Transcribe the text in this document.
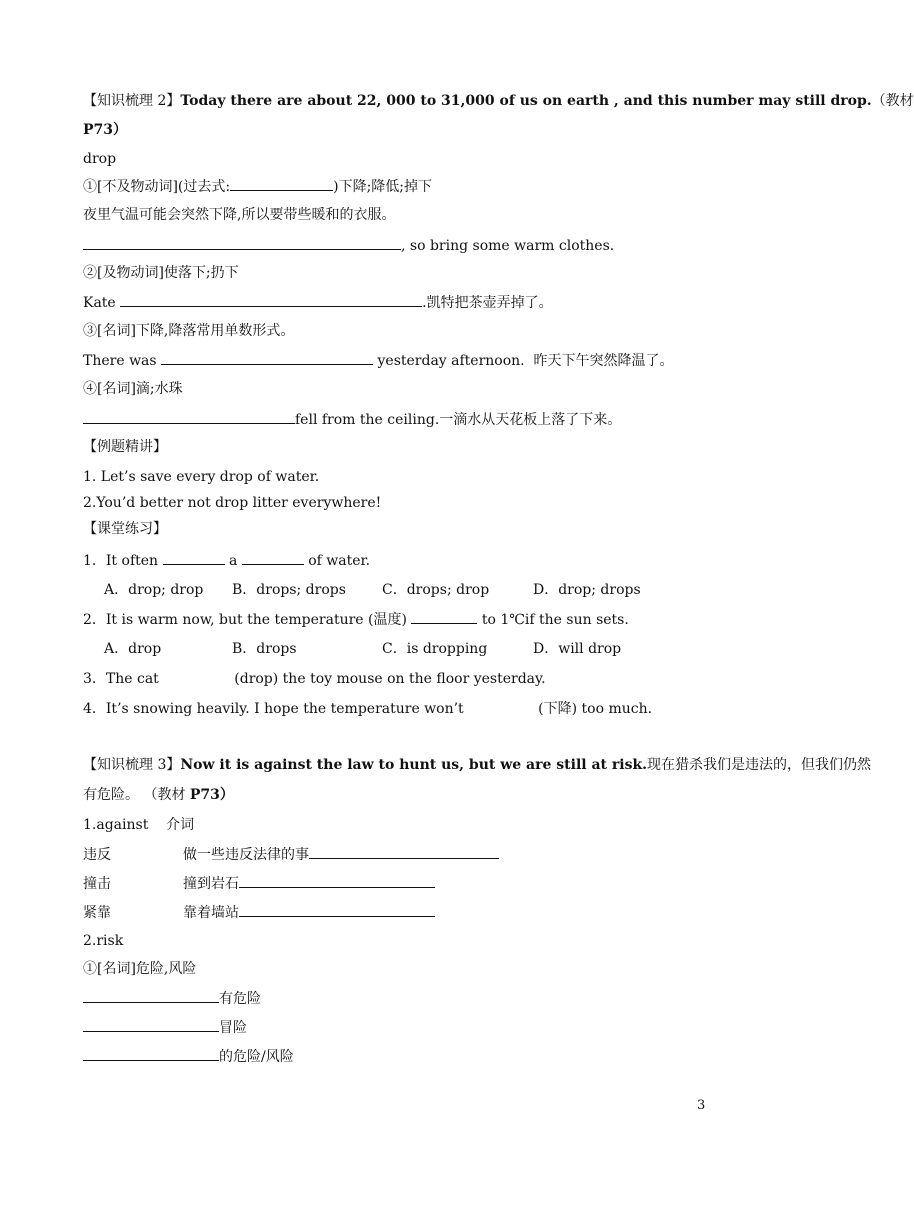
【知识梳理 2】Today there are about 22, 000 to 31,000 of us on earth , and this number may still drop.（教材
P73）
drop
①[不及物动词](过去式:	)下降;降低;掉下
夜里气温可能会突然下降,所以要带些暖和的衣服。
, so bring some warm clothes.
②[及物动词]使落下;扔下
Kate	.凯特把茶壶弄掉了。
③[名词]下降,降落常用单数形式。
There was	yesterday afternoon.  昨天下午突然降温了。
④[名词]滴;水珠
fell from the ceiling.一滴水从天花板上落了下来。
【例题精讲】
1. Let’s save every drop of water.
2.You’d better not drop litter everywhere!
【课堂练习】
1．It often	a	of water.
A．drop; drop B．drops; drops	C．drops; drop	D．drop; drops
2．It is warm now, but the temperature (温度)	to 1℃if the sun sets.
A．drop	B．drops	C．is dropping	D．will drop
3．The cat	(drop) the toy mouse on the floor yesterday.
4．It’s snowing heavily. I hope the temperature won’t	(下降) too much.
【知识梳理 3】Now it is against the law to hunt us, but we are still at risk.现在猎杀我们是违法的，但我们仍然
有危险。 （教材 P73）
1.against    介词
违反	做一些违反法律的事
撞击	撞到岩石
紧靠	靠着墙站
2.risk
①[名词]危险,风险
有危险
冒险
的危险/风险
3
